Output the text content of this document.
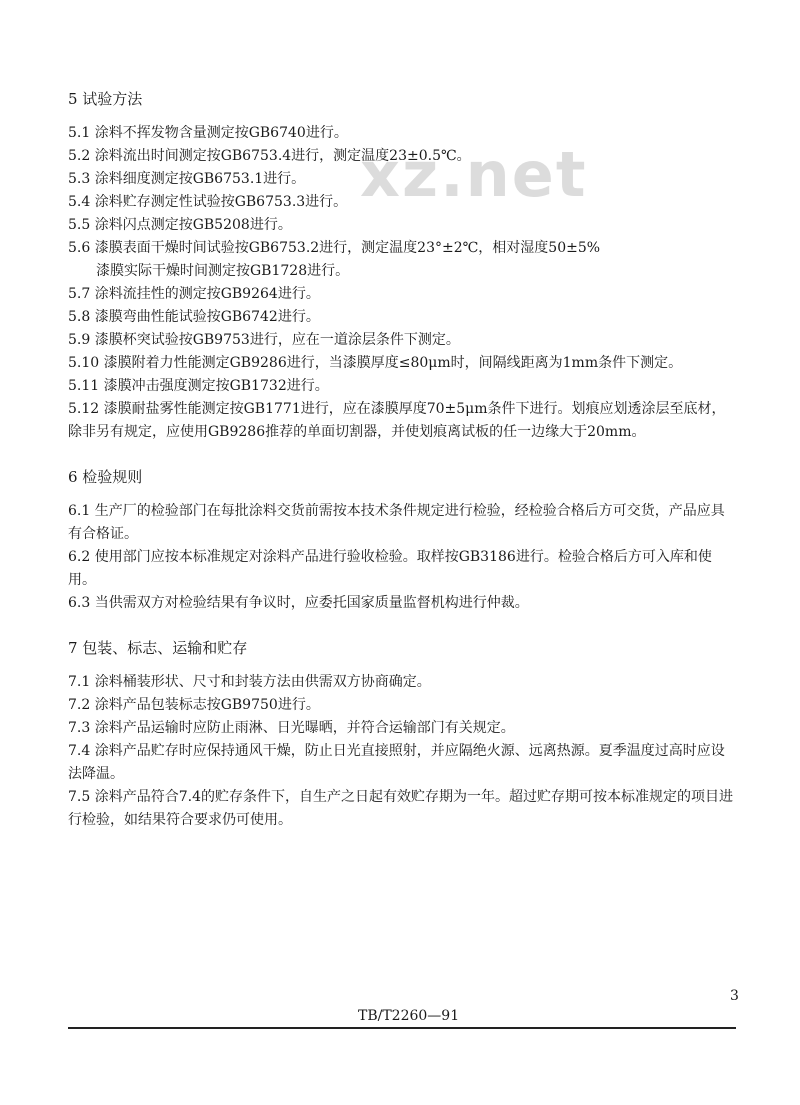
xz.net

5 试验方法

5.1 涂料不挥发物含量测定按GB6740进行。

5.2 涂料流出时间测定按GB6753.4进行，测定温度23±0.5℃。

5.3 涂料细度测定按GB6753.1进行。

5.4 涂料贮存测定性试验按GB6753.3进行。

5.5 涂料闪点测定按GB5208进行。

5.6 漆膜表面干燥时间试验按GB6753.2进行，测定温度23°±2℃，相对湿度50±5%

漆膜实际干燥时间测定按GB1728进行。

5.7 涂料流挂性的测定按GB9264进行。

5.8 漆膜弯曲性能试验按GB6742进行。

5.9 漆膜杯突试验按GB9753进行，应在一道涂层条件下测定。

5.10 漆膜附着力性能测定GB9286进行，当漆膜厚度≤80μm时，间隔线距离为1mm条件下测定。

5.11 漆膜冲击强度测定按GB1732进行。

5.12 漆膜耐盐雾性能测定按GB1771进行，应在漆膜厚度70±5μm条件下进行。划痕应划透涂层至底材，除非另有规定，应使用GB9286推荐的单面切割器，并使划痕离试板的任一边缘大于20mm。

6 检验规则

6.1 生产厂的检验部门在每批涂料交货前需按本技术条件规定进行检验，经检验合格后方可交货，产品应具有合格证。

6.2 使用部门应按本标准规定对涂料产品进行验收检验。取样按GB3186进行。检验合格后方可入库和使用。

6.3 当供需双方对检验结果有争议时，应委托国家质量监督机构进行仲裁。

7 包装、标志、运输和贮存

7.1 涂料桶装形状、尺寸和封装方法由供需双方协商确定。

7.2 涂料产品包装标志按GB9750进行。

7.3 涂料产品运输时应防止雨淋、日光曝晒，并符合运输部门有关规定。

7.4 涂料产品贮存时应保持通风干燥，防止日光直接照射，并应隔绝火源、远离热源。夏季温度过高时应设法降温。

7.5 涂料产品符合7.4的贮存条件下，自生产之日起有效贮存期为一年。超过贮存期可按本标准规定的项目进行检验，如结果符合要求仍可使用。

3
TB/T2260—91
